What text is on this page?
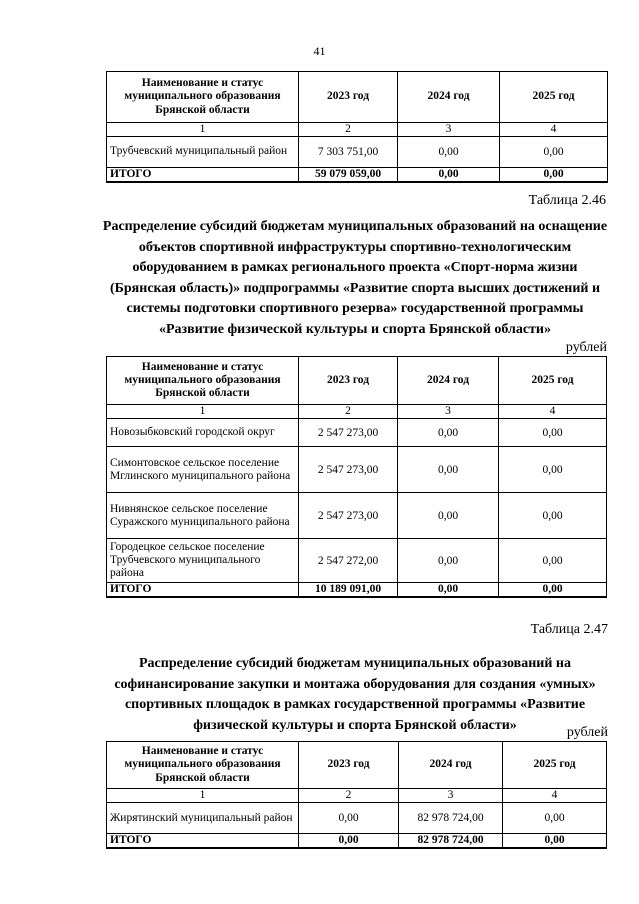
41
Наименование и статус муниципального образования Брянской области	2023 год	2024 год	2025 год
1	2	3	4
Трубчевский муниципальный район	7 303 751,00	0,00	0,00
ИТОГО	59 079 059,00	0,00	0,00
Таблица 2.46
Распределение субсидий бюджетам муниципальных образований на оснащение объектов спортивной инфраструктуры спортивно-технологическим оборудованием в рамках регионального проекта «Спорт-норма жизни (Брянская область)» подпрограммы «Развитие спорта высших достижений и системы подготовки спортивного резерва» государственной программы «Развитие физической культуры и спорта Брянской области»
рублей
Наименование и статус муниципального образования Брянской области	2023 год	2024 год	2025 год
1	2	3	4
Новозыбковский городской округ	2 547 273,00	0,00	0,00
Симонтовское сельское поселение Мглинского муниципального района	2 547 273,00	0,00	0,00
Нивнянское сельское поселение Суражского муниципального района	2 547 273,00	0,00	0,00
Городецкое сельское поселение Трубчевского муниципального района	2 547 272,00	0,00	0,00
ИТОГО	10 189 091,00	0,00	0,00
Таблица 2.47
Распределение субсидий бюджетам муниципальных образований на софинансирование закупки и монтажа оборудования для создания «умных» спортивных площадок в рамках государственной программы «Развитие физической культуры и спорта Брянской области»	рублей
Наименование и статус муниципального образования Брянской области	2023 год	2024 год	2025 год
1	2	3	4
Жирятинский муниципальный район	0,00	82 978 724,00	0,00
ИТОГО	0,00	82 978 724,00	0,00
